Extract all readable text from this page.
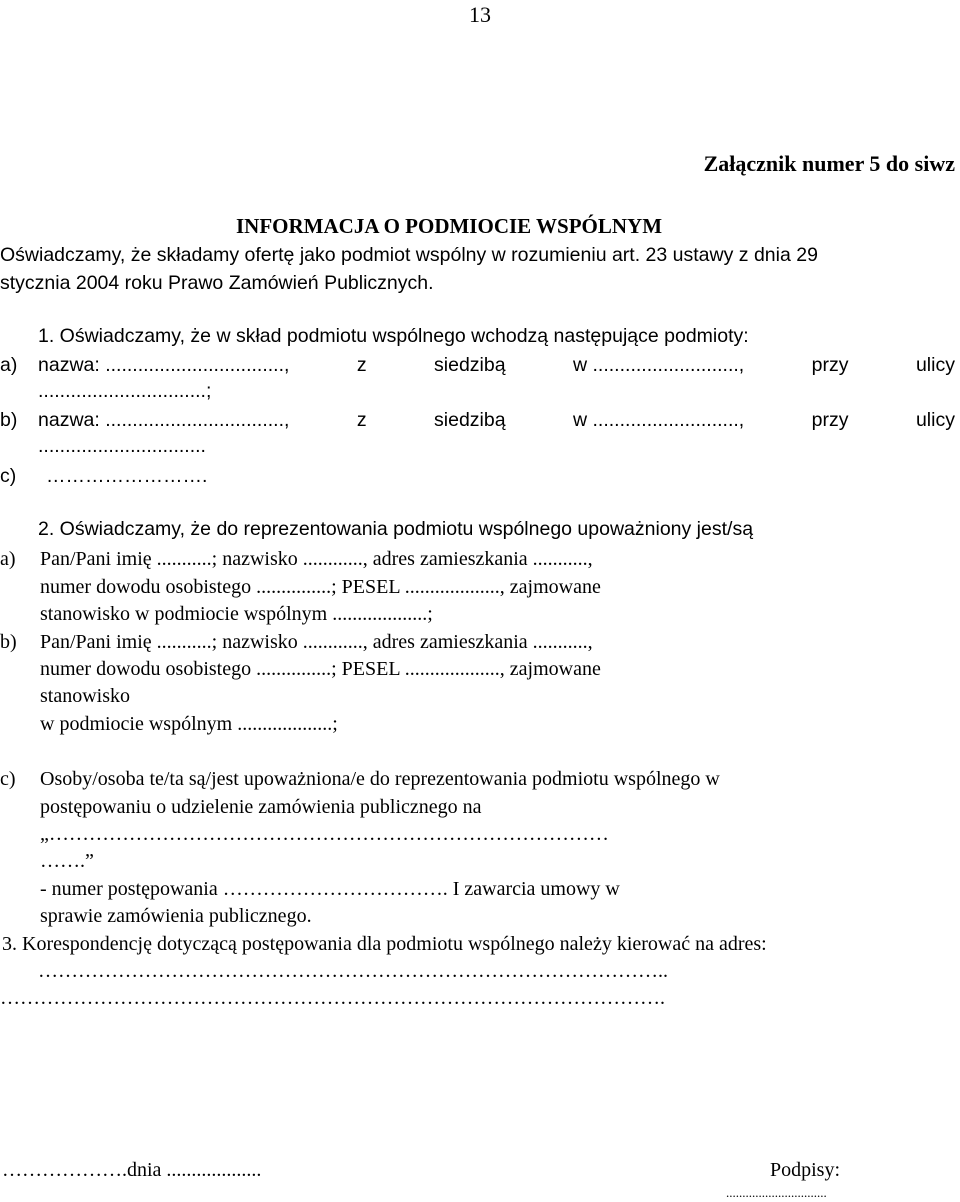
13
Załącznik numer 5 do siwz
INFORMACJA O PODMIOCIE WSPÓLNYM
Oświadczamy, że składamy ofertę jako podmiot wspólny w rozumieniu art. 23 ustawy z dnia 29
stycznia 2004 roku Prawo Zamówień Publicznych.
1. Oświadczamy, że w skład podmiotu wspólnego wchodzą następujące podmioty:
a) nazwa: .................................,	z	siedzibą	w ...........................,	przy	ulicy
...............................;
b) nazwa: .................................,	z	siedzibą	w ...........................,	przy	ulicy
...............................
c) …………………….
2. Oświadczamy, że do reprezentowania podmiotu wspólnego upoważniony jest/są
a) Pan/Pani imię ...........; nazwisko ............, adres zamieszkania ...........,
numer dowodu osobistego ...............; PESEL ..................., zajmowane
stanowisko w podmiocie wspólnym ...................;
b) Pan/Pani imię ...........; nazwisko ............, adres zamieszkania ...........,
numer dowodu osobistego ...............; PESEL ..................., zajmowane
stanowisko
w podmiocie wspólnym ...................;
c) Osoby/osoba te/ta są/jest upoważniona/e do reprezentowania podmiotu wspólnego w
postępowaniu o udzielenie zamówienia publicznego na
„…………………………………………………………………………
…….”
- numer postępowania ……………………………. I zawarcia umowy w
sprawie zamówienia publicznego.
3. Korespondencję dotyczącą postępowania dla podmiotu wspólnego należy kierować na adres:
…………………………………………………………………………………..
……………………………………………………………………………………….
……………….dnia ...................	Podpisy:
...............................
